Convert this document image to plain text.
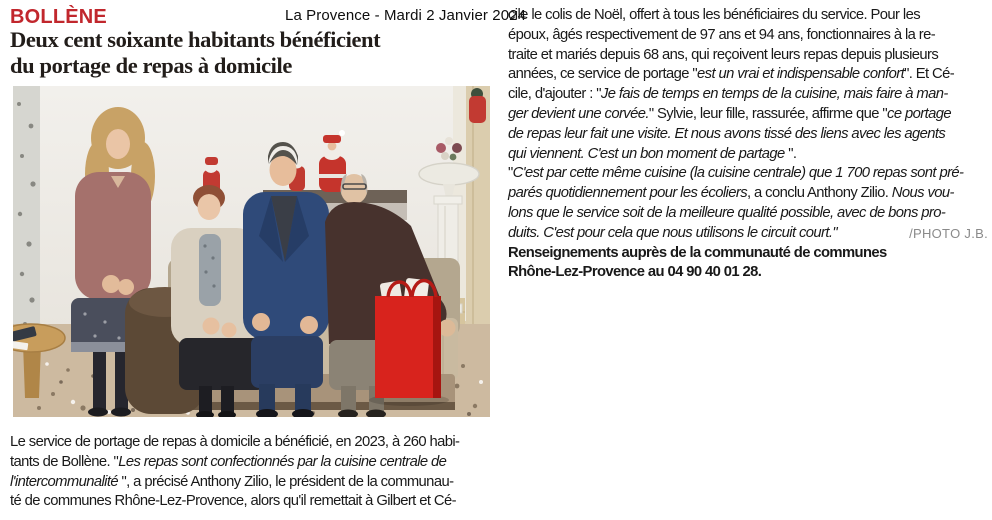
BOLLÈNE	La Provence - Mardi 2 Janvier 2024
Deux cent soixante habitants bénéficient
du portage de repas à domicile
Le service de portage de repas à domicile a bénéficié, en 2023, à 260 habi-
tants de Bollène. "Les repas sont confectionnés par la cuisine centrale de
l'intercommunalité ", a précisé Anthony Zilio, le président de la communau-
té de communes Rhône-Lez-Provence, alors qu'il remettait à Gilbert et Cé-
cile le colis de Noël, offert à tous les bénéficiaires du service. Pour les
époux, âgés respectivement de 97 ans et 94 ans, fonctionnaires à la re-
traite et mariés depuis 68 ans, qui reçoivent leurs repas depuis plusieurs
années, ce service de portage "est un vrai et indispensable confort". Et Cé-
cile, d'ajouter : "Je fais de temps en temps de la cuisine, mais faire à man-
ger devient une corvée." Sylvie, leur fille, rassurée, affirme que "ce portage
de repas leur fait une visite. Et nous avons tissé des liens avec les agents
qui viennent. C'est un bon moment de partage ".
"C'est par cette même cuisine (la cuisine centrale) que 1 700 repas sont pré-
parés quotidiennement pour les écoliers, a conclu Anthony Zilio. Nous vou-
lons que le service soit de la meilleure qualité possible, avec de bons pro-
duits. C'est pour cela que nous utilisons le circuit court."	/PHOTO J.B.
Renseignements auprès de la communauté de communes
Rhône-Lez-Provence au 04 90 40 01 28.
